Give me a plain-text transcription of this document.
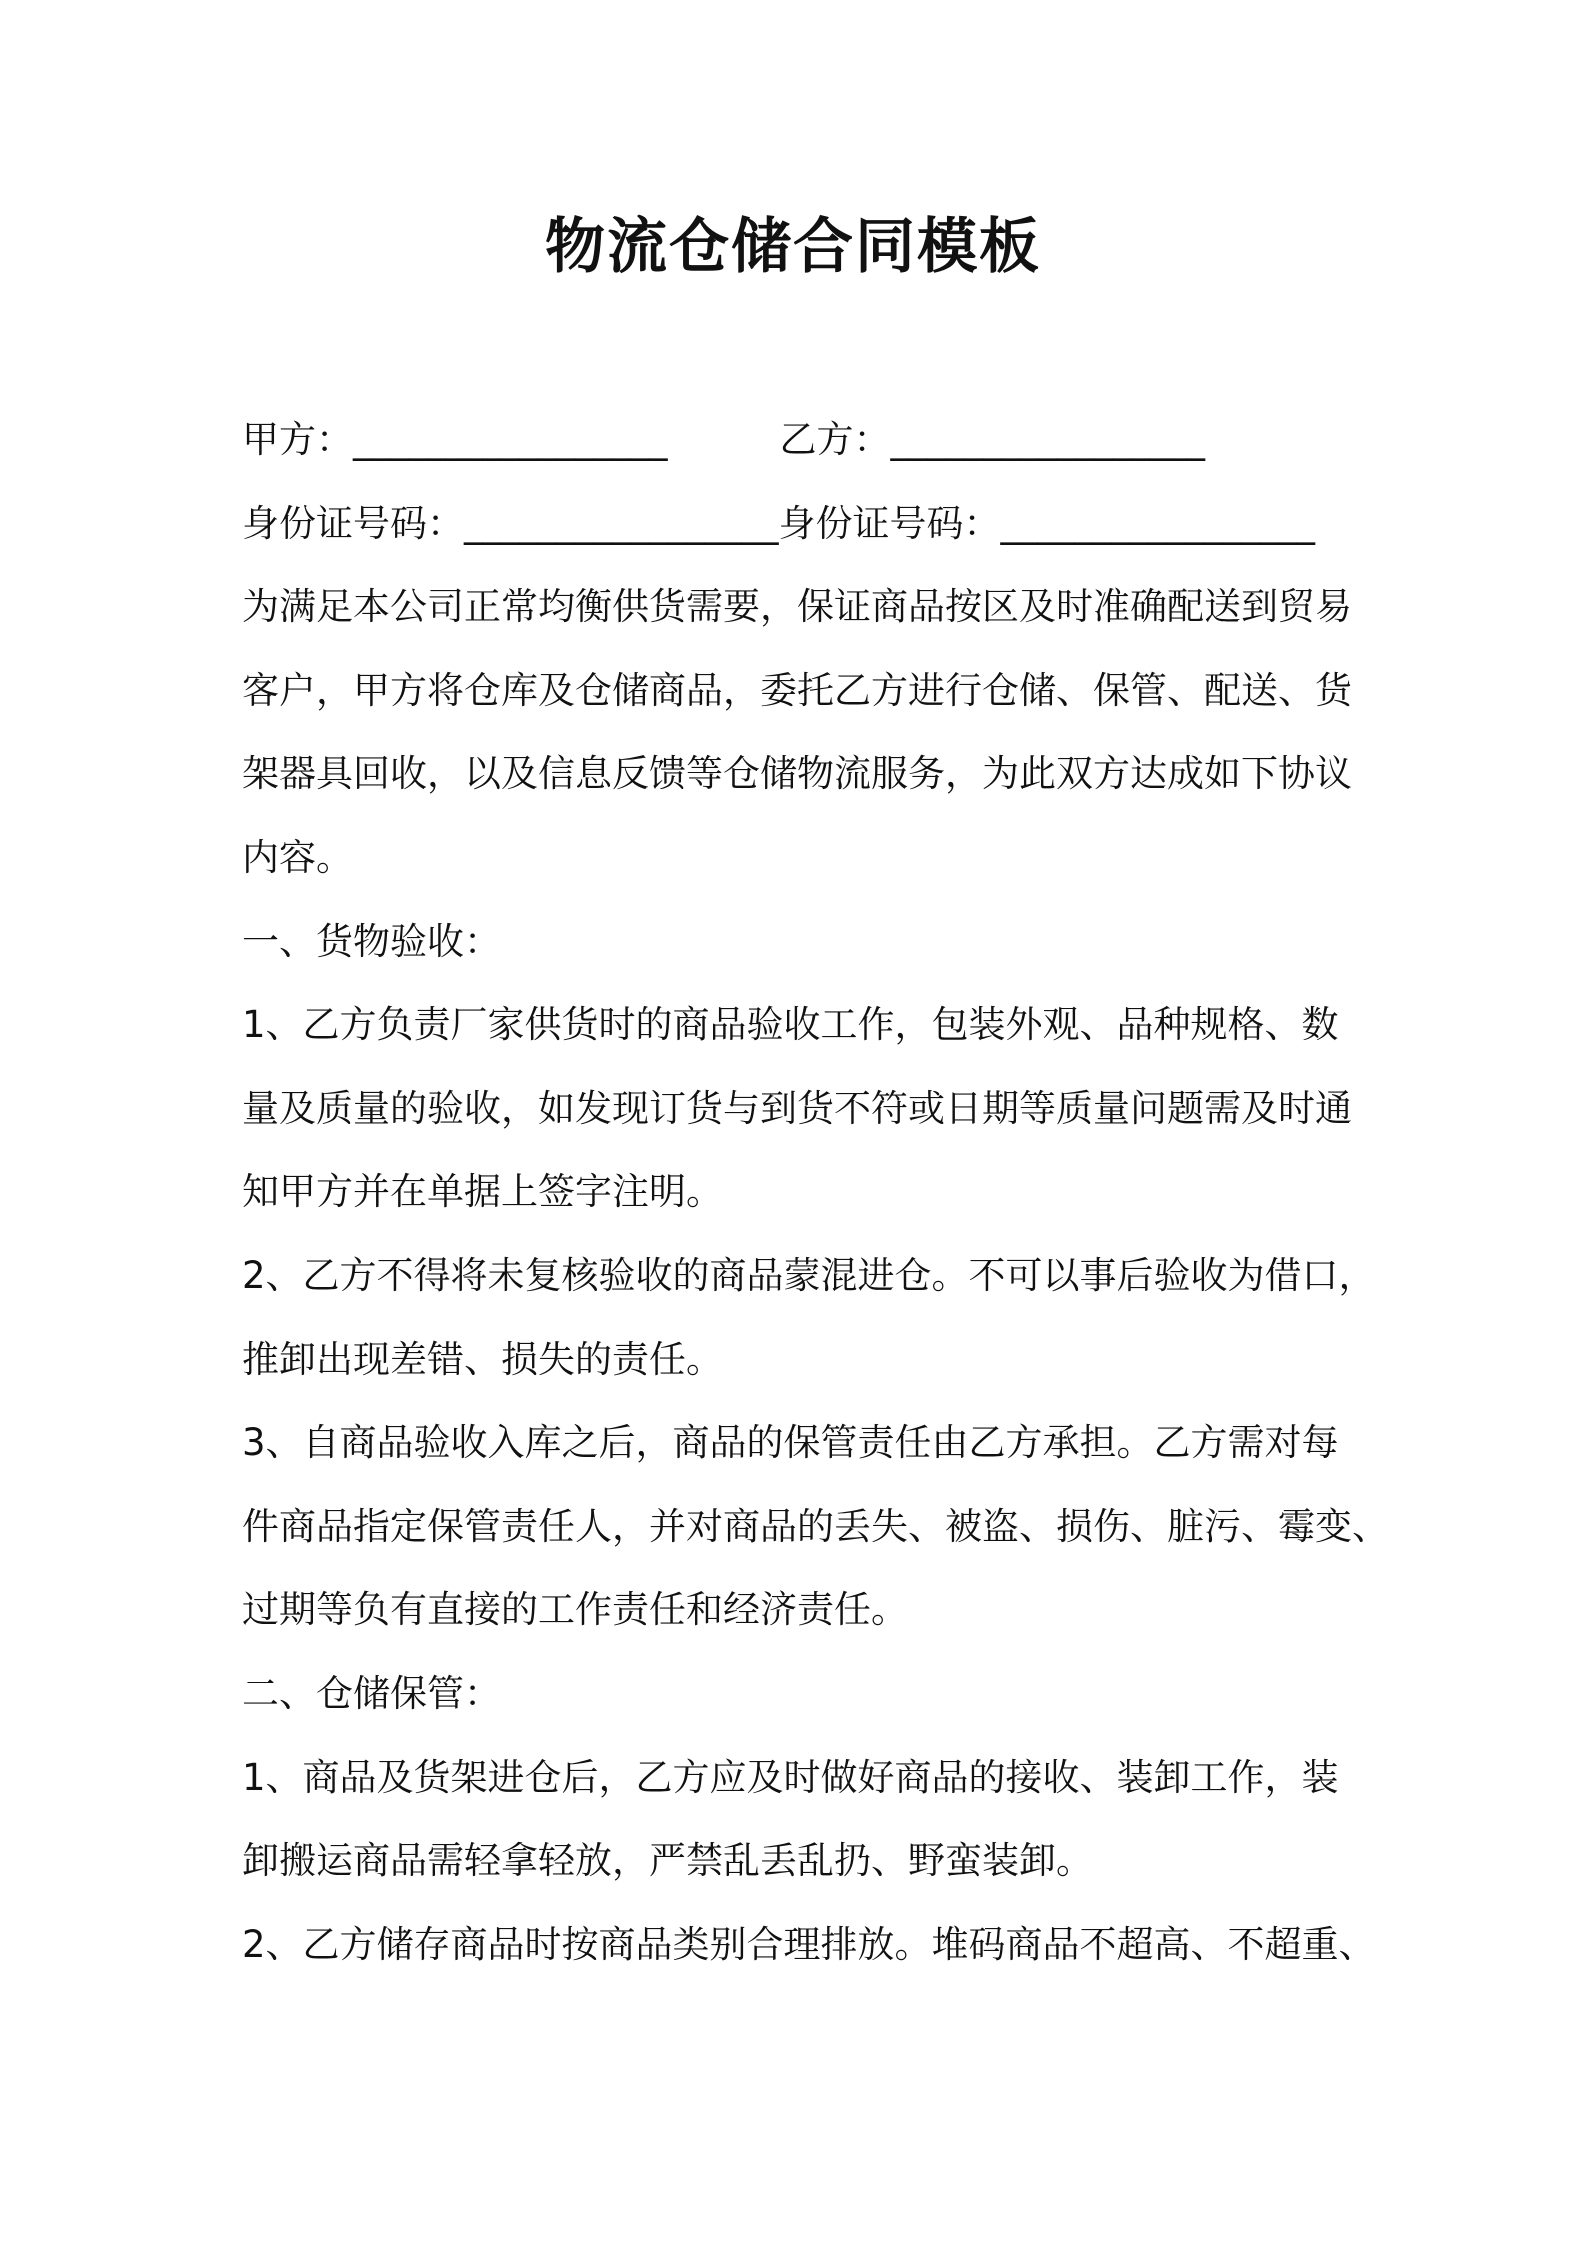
物流仓储合同模板
甲方：_________________	乙方：_________________
身份证号码：_________________身份证号码：_________________
为满足本公司正常均衡供货需要，保证商品按区及时准确配送到贸易
客户，甲方将仓库及仓储商品，委托乙方进行仓储、保管、配送、货
架器具回收，以及信息反馈等仓储物流服务，为此双方达成如下协议
内容。
一、货物验收：
1、乙方负责厂家供货时的商品验收工作，包装外观、品种规格、数
量及质量的验收，如发现订货与到货不符或日期等质量问题需及时通
知甲方并在单据上签字注明。
2、乙方不得将未复核验收的商品蒙混进仓。不可以事后验收为借口，
推卸出现差错、损失的责任。
3、自商品验收入库之后，商品的保管责任由乙方承担。乙方需对每
件商品指定保管责任人，并对商品的丢失、被盗、损伤、脏污、霉变、
过期等负有直接的工作责任和经济责任。
二、仓储保管：
1、商品及货架进仓后，乙方应及时做好商品的接收、装卸工作，装
卸搬运商品需轻拿轻放，严禁乱丢乱扔、野蛮装卸。
2、乙方储存商品时按商品类别合理排放。堆码商品不超高、不超重、
